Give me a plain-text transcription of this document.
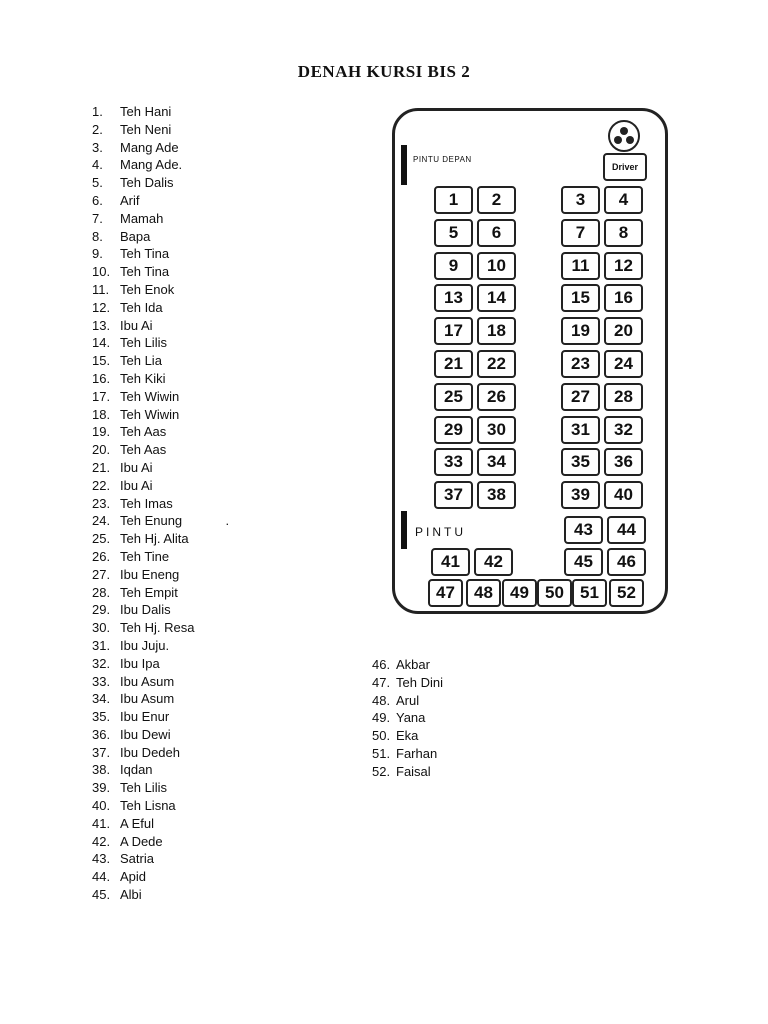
DENAH KURSI BIS 2
1. Teh Hani
2. Teh Neni
3. Mang Ade
4. Mang Ade.
5. Teh Dalis
6. Arif
7. Mamah
8. Bapa
9. Teh Tina
10. Teh Tina
11. Teh Enok
12. Teh Ida
13. Ibu Ai
14. Teh Lilis
15. Teh Lia
16. Teh Kiki
17. Teh Wiwin
18. Teh Wiwin
19. Teh Aas
20. Teh Aas
21. Ibu Ai
22. Ibu Ai
23. Teh Imas
24. Teh Enung            .
25. Teh Hj. Alita
26. Teh Tine
27. Ibu Eneng
28. Teh Empit
29. Ibu Dalis
30. Teh Hj. Resa
31. Ibu Juju.
32. Ibu Ipa
33. Ibu Asum
34. Ibu Asum
35. Ibu Enur
36. Ibu Dewi
37. Ibu Dedeh
38. Iqdan
39. Teh Lilis
40. Teh Lisna
41. A Eful
42. A Dede
43. Satria
44. Apid
45. Albi
46. Akbar
47. Teh Dini
48. Arul
49. Yana
50. Eka
51. Farhan
52. Faisal
PINTU DEPAN
PINTU
Driver
1	2	3	4
5	6	7	8
9	10	11	12
13	14	15	16
17	18	19	20
21	22	23	24
25	26	27	28
29	30	31	32
33	34	35	36
37	38	39	40
41	42
43	44
45	46
47	48	49 50 51	52
